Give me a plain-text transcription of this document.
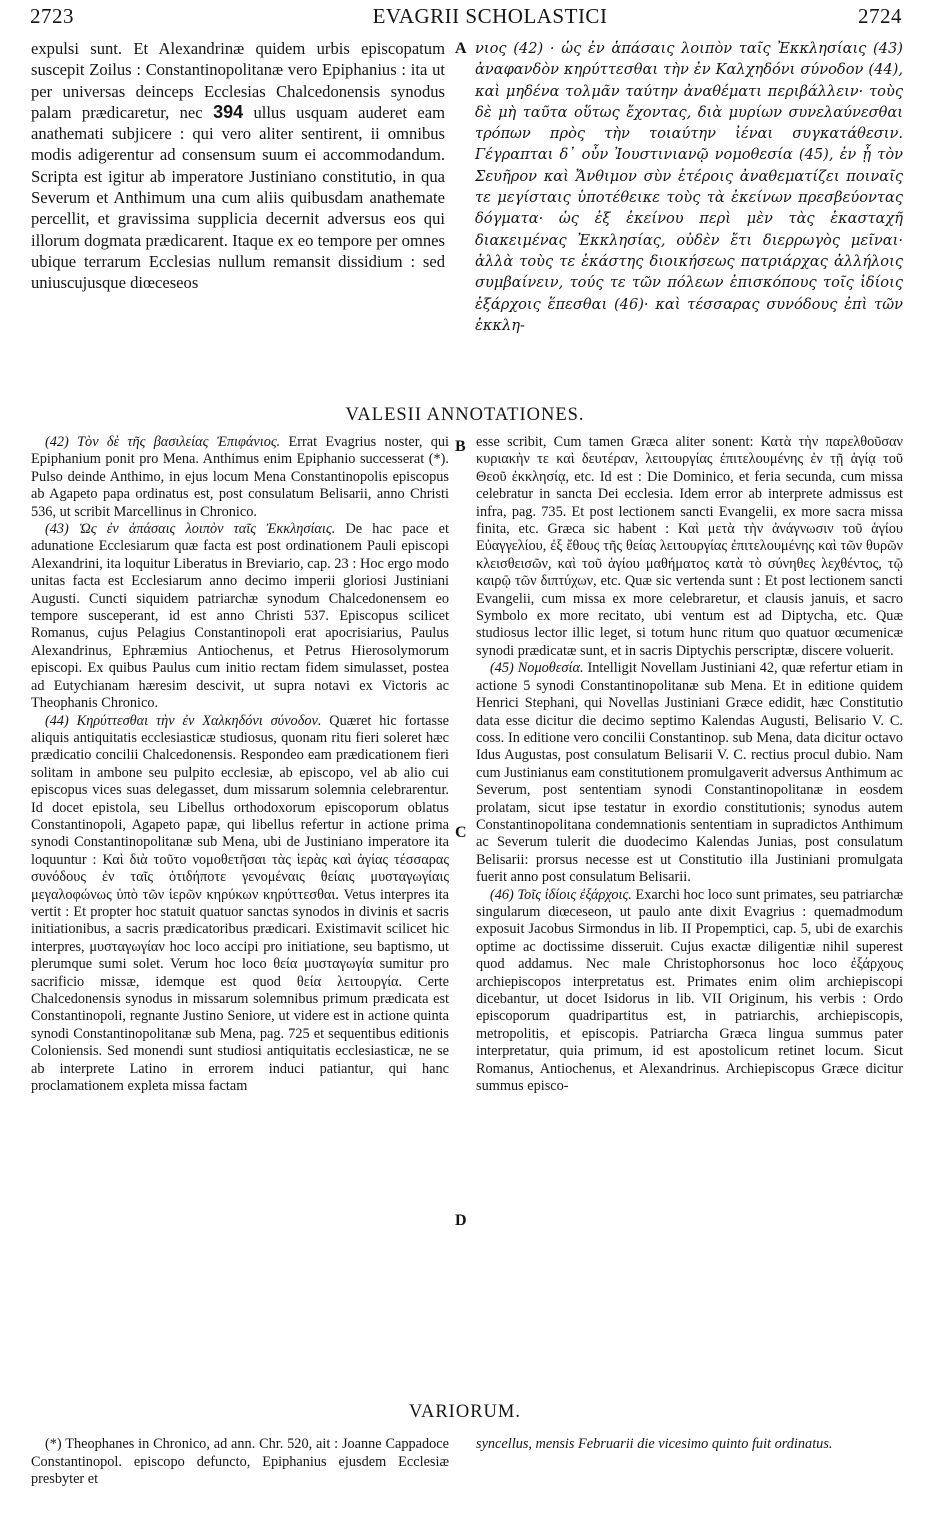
2723	EVAGRII SCHOLASTICI	2724

expulsi sunt. Et Alexandrinæ quidem urbis episcopatum suscepit Zoilus : Constantinopolitanæ vero Epiphanius : ita ut per universas deinceps Ecclesias Chalcedonensis synodus palam prædicaretur, nec 394 ullus usquam auderet eam anathemati subjicere : qui vero aliter sentirent, ii omnibus modis adigerentur ad consensum suum ei accommodandum. Scripta est igitur ab imperatore Justiniano constitutio, in qua Severum et Anthimum una cum aliis quibusdam anathemate percellit, et gravissima supplicia decernit adversus eos qui illorum dogmata prædicarent. Itaque ex eo tempore per omnes ubique terrarum Ecclesias nullum remansit dissidium : sed uniuscujusque diœceseos

νιος (42) · ὡς ἐν ἁπάσαις λοιπὸν ταῖς Ἐκκλησίαις (43) ἀναφανδὸν κηρύττεσθαι τὴν ἐν Καλχηδόνι σύνοδον (44), καὶ μηδένα τολμᾶν ταύτην ἀναθέματι περιβάλλειν· τοὺς δὲ μὴ ταῦτα οὕτως ἔχοντας, διὰ μυρίων συνελαύνεσθαι τρόπων πρὸς τὴν τοιαύτην ἰέναι συγκατάθεσιν. Γέγραπται δ᾽ οὖν Ἰουστινιανῷ νομοθεσία (45), ἐν ᾗ τὸν Σευῆρον καὶ Ἄνθιμον σὺν ἑτέροις ἀναθεματίζει ποιναῖς τε μεγίσταις ὑποτέθεικε τοὺς τὰ ἐκείνων πρεσβεύοντας δόγματα· ὡς ἐξ ἐκείνου περὶ μὲν τὰς ἑκασταχῆ διακειμένας Ἐκκλησίας, οὐδὲν ἔτι διερρωγὸς μεῖναι· ἀλλὰ τοὺς τε ἑκάστης διοικήσεως πατριάρχας ἀλλήλοις συμβαίνειν, τούς τε τῶν πόλεων ἐπισκόπους τοῖς ἰδίοις ἐξάρχοις ἕπεσθαι (46)· καὶ τέσσαρας συνόδους ἐπὶ τῶν ἐκκλη-

A
B
C
D
VALESII ANNOTATIONES.

(42) Τὸν δὲ τῆς βασιλείας Ἐπιφάνιος. Errat Evagrius noster, qui Epiphanium ponit pro Mena. Anthimus enim Epiphanio successerat (*). Pulso deinde Anthimo, in ejus locum Mena Constantinopolis episcopus ab Agapeto papa ordinatus est, post consulatum Belisarii, anno Christi 536, ut scribit Marcellinus in Chronico.

(43) Ὡς ἐν ἁπάσαις λοιπὸν ταῖς Ἐκκλησίαις. De hac pace et adunatione Ecclesiarum quæ facta est post ordinationem Pauli episcopi Alexandrini, ita loquitur Liberatus in Breviario, cap. 23 : Hoc ergo modo unitas facta est Ecclesiarum anno decimo imperii gloriosi Justiniani Augusti. Cuncti siquidem patriarchæ synodum Chalcedonensem eo tempore susceperant, id est anno Christi 537. Episcopus scilicet Romanus, cujus Pelagius Constantinopoli erat apocrisiarius, Paulus Alexandrinus, Ephræmius Antiochenus, et Petrus Hierosolymorum episcopi. Ex quibus Paulus cum initio rectam fidem simulasset, postea ad Eutychianam hæresim descivit, ut supra notavi ex Victoris ac Theophanis Chronico.

(44) Κηρύττεσθαι τὴν ἐν Χαλκηδόνι σύνοδον. Quæret hic fortasse aliquis antiquitatis ecclesiasticæ studiosus, quonam ritu fieri soleret hæc prædicatio concilii Chalcedonensis. Respondeo eam prædicationem fieri solitam in ambone seu pulpito ecclesiæ, ab episcopo, vel ab alio cui episcopus vices suas delegasset, dum missarum solemnia celebrarentur. Id docet epistola, seu Libellus orthodoxorum episcoporum oblatus Constantinopoli, Agapeto papæ, qui libellus refertur in actione prima synodi Constantinopolitanæ sub Mena, ubi de Justiniano imperatore ita loquuntur : Καὶ διὰ τοῦτο νομοθετῆσαι τὰς ἱερὰς καὶ ἁγίας τέσσαρας συνόδους ἐν ταῖς ὁτιδήποτε γενομέναις θείαις μυσταγωγίαις μεγαλοφώνως ὑπὸ τῶν ἱερῶν κηρύκων κηρύττεσθαι. Vetus interpres ita vertit : Et propter hoc statuit quatuor sanctas synodos in divinis et sacris initiationibus, a sacris prædicatoribus prædicari. Existimavit scilicet hic interpres, μυσταγωγίαν hoc loco accipi pro initiatione, seu baptismo, ut plerumque sumi solet. Verum hoc loco θεία μυσταγωγία sumitur pro sacrificio missæ, idemque est quod θεία λειτουργία. Certe Chalcedonensis synodus in missarum solemnibus primum prædicata est Constantinopoli, regnante Justino Seniore, ut videre est in actione quinta synodi Constantinopolitanæ sub Mena, pag. 725 et sequentibus editionis Coloniensis. Sed monendi sunt studiosi antiquitatis ecclesiasticæ, ne se ab interprete Latino in errorem induci patiantur, qui hanc proclamationem expleta missa factam

esse scribit, Cum tamen Græca aliter sonent: Κατὰ τὴν παρελθοῦσαν κυριακὴν τε καὶ δευτέραν, λειτουργίας ἐπιτελουμένης ἐν τῇ ἁγίᾳ τοῦ Θεοῦ ἐκκλησίᾳ, etc. Id est : Die Dominico, et feria secunda, cum missa celebratur in sancta Dei ecclesia. Idem error ab interprete admissus est infra, pag. 735. Et post lectionem sancti Evangelii, ex more sacra missa finita, etc. Græca sic habent : Καὶ μετὰ τὴν ἀνάγνωσιν τοῦ ἁγίου Εὐαγγελίου, ἐξ ἔθους τῆς θείας λειτουργίας ἐπιτελουμένης καὶ τῶν θυρῶν κλεισθεισῶν, καὶ τοῦ ἁγίου μαθήματος κατὰ τὸ σύνηθες λεχθέντος, τῷ καιρῷ τῶν διπτύχων, etc. Quæ sic vertenda sunt : Et post lectionem sancti Evangelii, cum missa ex more celebraretur, et clausis januis, et sacro Symbolo ex more recitato, ubi ventum est ad Diptycha, etc. Quæ studiosus lector illic leget, si totum hunc ritum quo quatuor œcumenicæ synodi prædicatæ sunt, et in sacris Diptychis perscriptæ, discere voluerit.

(45) Νομοθεσία. Intelligit Novellam Justiniani 42, quæ refertur etiam in actione 5 synodi Constantinopolitanæ sub Mena. Et in editione quidem Henrici Stephani, qui Novellas Justiniani Græce edidit, hæc Constitutio data esse dicitur die decimo septimo Kalendas Augusti, Belisario V. C. coss. In editione vero concilii Constantinop. sub Mena, data dicitur octavo Idus Augustas, post consulatum Belisarii V. C. rectius procul dubio. Nam cum Justinianus eam constitutionem promulgaverit adversus Anthimum ac Severum, post sententiam synodi Constantinopolitanæ in eosdem prolatam, sicut ipse testatur in exordio constitutionis; synodus autem Constantinopolitana condemnationis sententiam in supradictos Anthimum ac Severum tulerit die duodecimo Kalendas Junias, post consulatum Belisarii: prorsus necesse est ut Constitutio illa Justiniani promulgata fuerit anno post consulatum Belisarii.

(46) Τοῖς ἰδίοις ἐξάρχοις. Exarchi hoc loco sunt primates, seu patriarchæ singularum diœceseon, ut paulo ante dixit Evagrius : quemadmodum exposuit Jacobus Sirmondus in lib. II Propemptici, cap. 5, ubi de exarchis optime ac doctissime disseruit. Cujus exactæ diligentiæ nihil superest quod addamus. Nec male Christophorsonus hoc loco ἐξάρχους archiepiscopos interpretatus est. Primates enim olim archiepiscopi dicebantur, ut docet Isidorus in lib. VII Originum, his verbis : Ordo episcoporum quadripartitus est, in patriarchis, archiepiscopis, metropolitis, et episcopis. Patriarcha Græca lingua summus pater interpretatur, quia primum, id est apostolicum retinet locum. Sicut Romanus, Antiochenus, et Alexandrinus. Archiepiscopus Græce dicitur summus episco-

VARIORUM.

(*) Theophanes in Chronico, ad ann. Chr. 520, ait : Joanne Cappadoce Constantinopol. episcopo defuncto, Epiphanius ejusdem Ecclesiæ presbyter et

syncellus, mensis Februarii die vicesimo quinto fuit ordinatus.
